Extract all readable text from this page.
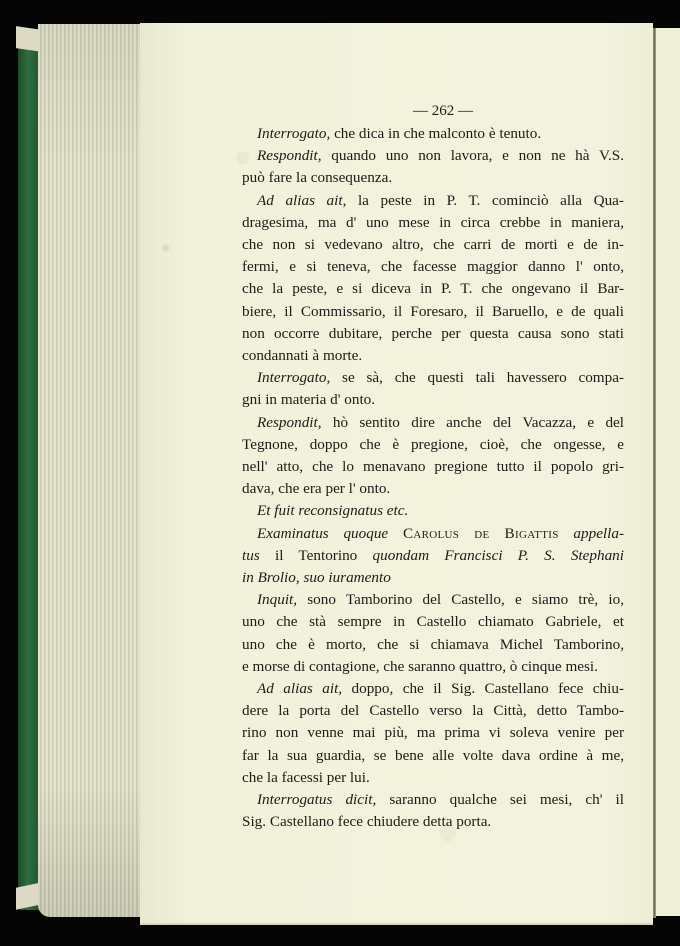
— 262 —

Interrogato, che dica in che malconto è tenuto.

Respondit, quando uno non lavora, e non ne hà V.S.
può fare la consequenza.

Ad alias ait, la peste in P. T. cominciò alla Qua-
dragesima, ma d' uno mese in circa crebbe in maniera,
che non si vedevano altro, che carri de morti e de in-
fermi, e si teneva, che facesse maggior danno l' onto,
che la peste, e si diceva in P. T. che ongevano il Bar-
biere, il Commissario, il Foresaro, il Baruello, e de quali
non occorre dubitare, perche per questa causa sono stati
condannati à morte.

Interrogato, se sà, che questi tali havessero compa-
gni in materia d' onto.

Respondit, hò sentito dire anche del Vacazza, e del
Tegnone, doppo che è pregione, cioè, che ongesse, e
nell' atto, che lo menavano pregione tutto il popolo gri-
dava, che era per l' onto.

Et fuit reconsignatus etc.

Examinatus quoque Carolus de Bigattis appella-
tus il Tentorino quondam Francisci P. S. Stephani
in Brolio, suo iuramento

Inquit, sono Tamborino del Castello, e siamo trè, io,
uno che stà sempre in Castello chiamato Gabriele, et
uno che è morto, che si chiamava Michel Tamborino,
e morse di contagione, che saranno quattro, ò cinque mesi.

Ad alias ait, doppo, che il Sig. Castellano fece chiu-
dere la porta del Castello verso la Città, detto Tambo-
rino non venne mai più, ma prima vi soleva venire per
far la sua guardia, se bene alle volte dava ordine à me,
che la facessi per lui.

Interrogatus dicit, saranno qualche sei mesi, ch' il
Sig. Castellano fece chiudere detta porta.
